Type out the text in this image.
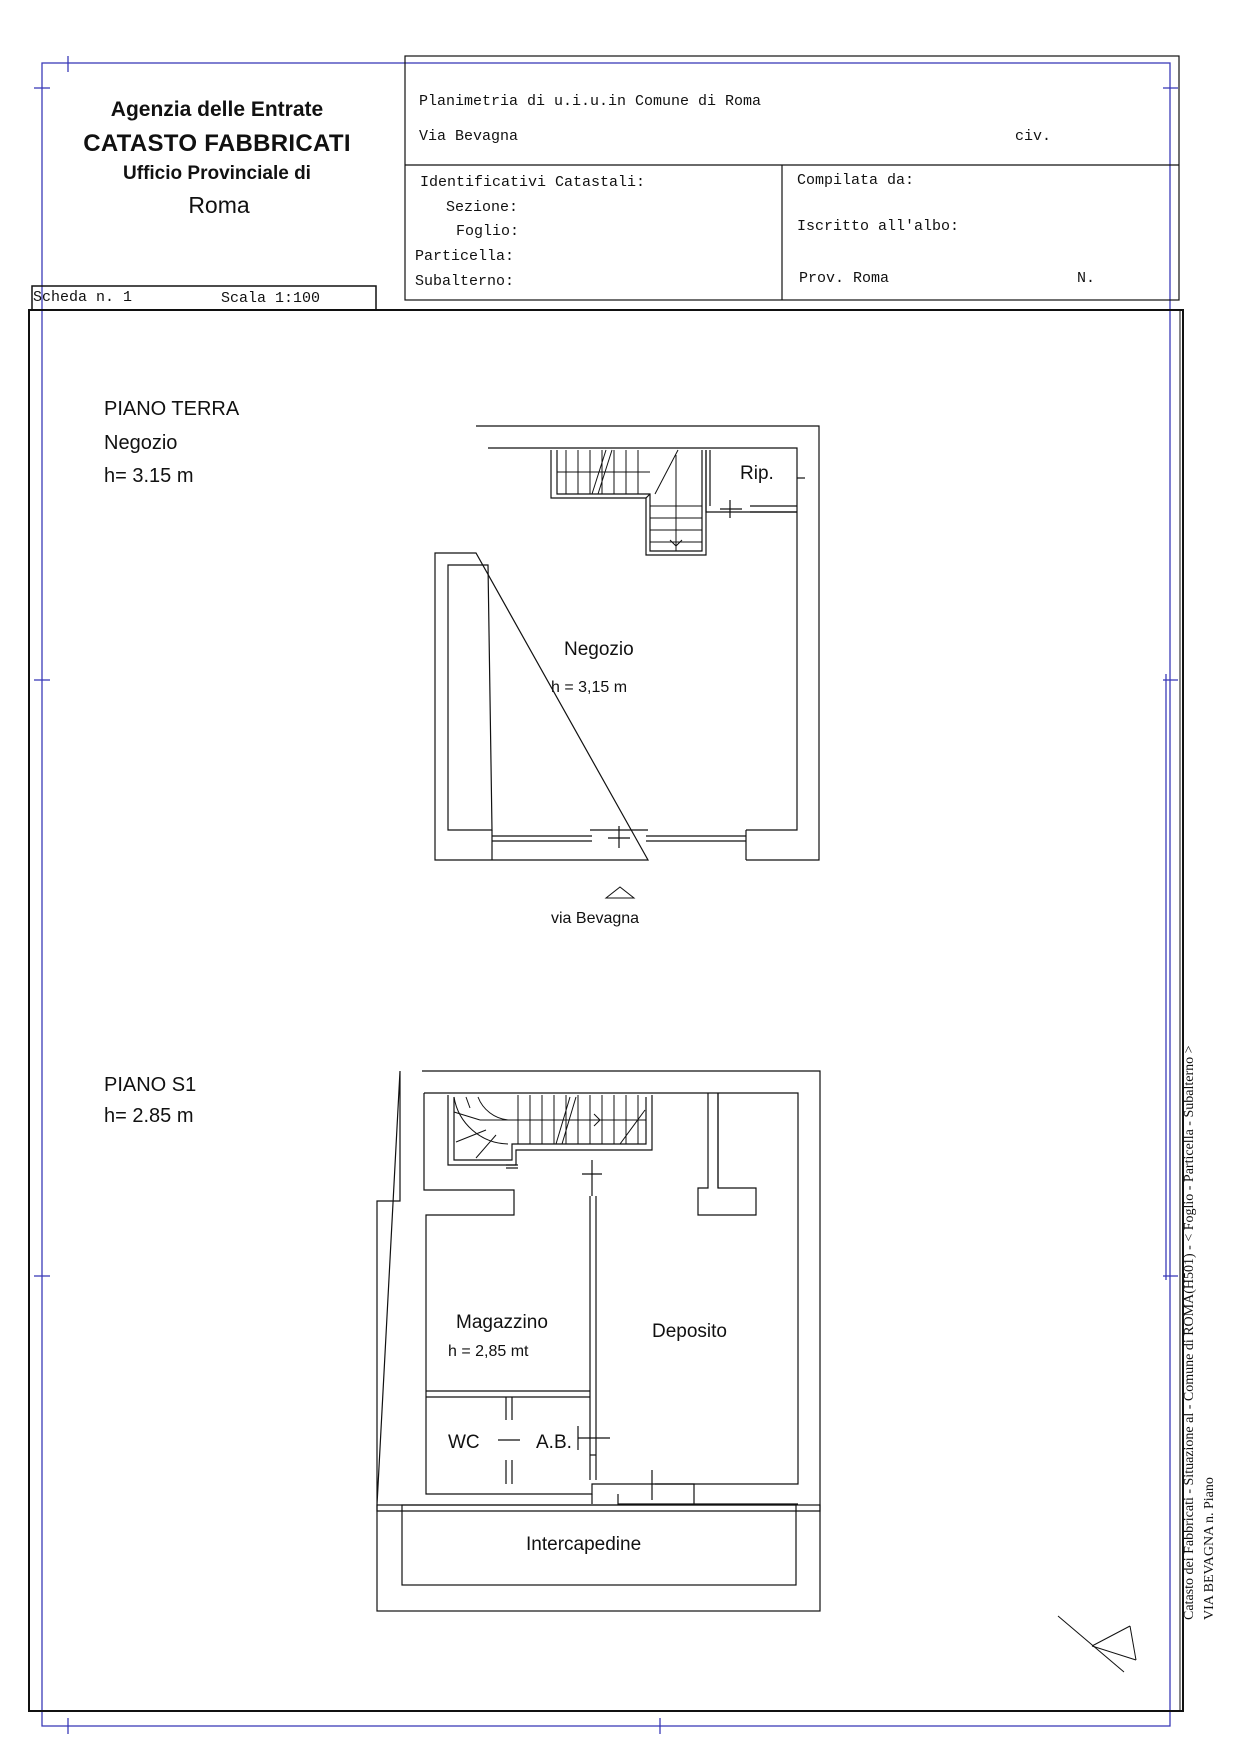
Agenzia delle Entrate
CATASTO FABBRICATI
Ufficio Provinciale di
Roma
Planimetria di u.i.u.in Comune di Roma
Via Bevagna	civ.
Identificativi Catastali:
Sezione:
Foglio:
Particella:
Subalterno:
Compilata da:
Iscritto all'albo:
Prov. Roma	N.
Scheda n. 1	Scala 1:100
PIANO TERRA
Negozio
h= 3.15 m	Rip.
Negozio
h = 3,15 m
via Bevagna
PIANO S1
h= 2.85 m
Magazzino
h = 2,85 mt
Deposito
WC	A.B.
Intercapedine	Catasto dei Fabbricati - Situazione al - Comune di ROMA(H501) - < Foglio - Particella - Subalterno > VIA BEVAGNA n. Piano
